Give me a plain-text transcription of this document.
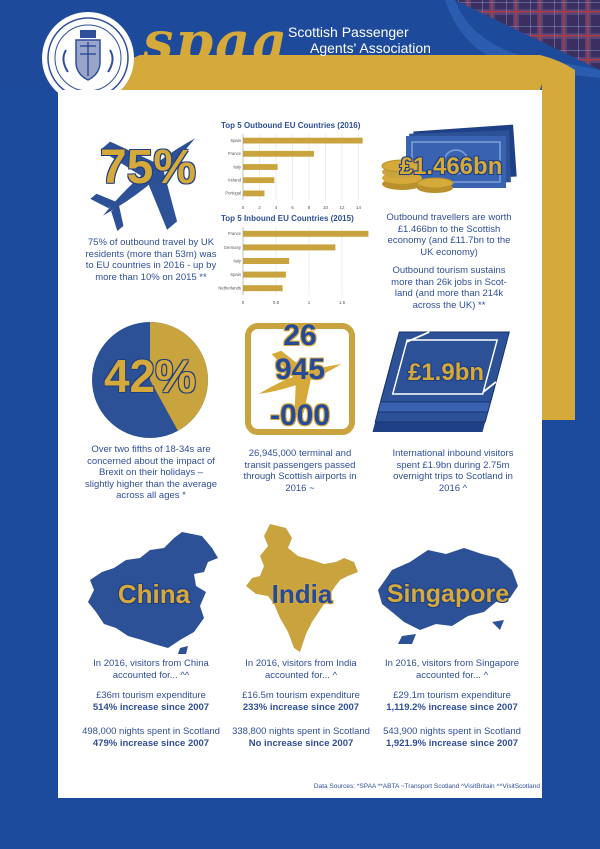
spaa
Scottish Passenger
Agents' Association
75%
75% of outbound travel by UK residents (more than 53m) was to EU countries in 2016 - up by more than 10% on 2015 **
Top 5 Outbound EU Countries (2016)
0	2	4	6	8	10	12	14
Spain
France
Italy
Ireland
Portugal
Top 5 Inbound EU Countries (2015)
0	0.5	1	1.5
France
Germany
Italy
Spain
Netherlands
£1.466bn
Outbound travellers are worth £1.466bn to the Scottish economy (and £11.7bn to the UK economy)
Outbound tourism sustains more than 26k jobs in Scot-land (and more than 214k across the UK) **
42%
Over two fifths of 18-34s are concerned about the impact of Brexit on their holidays – slightly higher than the average across all ages *
26
945
-000
26,945,000 terminal and transit passengers passed through Scottish airports in 2016 ~
£1.9bn
International inbound visitors spent £1.9bn during 2.75m overnight trips to Scotland in 2016 ^
China	India	Singapore
In 2016, visitors from China accounted for... ^^
£36m tourism expenditure
514% increase since 2007
498,000 nights spent in Scotland
479% increase since 2007
In 2016, visitors from India accounted for... ^
£16.5m tourism expenditure
233% increase since 2007
338,800 nights spent in Scotland
No increase since 2007
In 2016, visitors from Singapore accounted for... ^
£29.1m tourism expenditure
1,119.2% increase since 2007
543,900 nights spent in Scotland
1,921.9% increase since 2007
Data Sources: *SPAA **ABTA ~Transport Scotland ^VisitBritain ^^VisitScotland
